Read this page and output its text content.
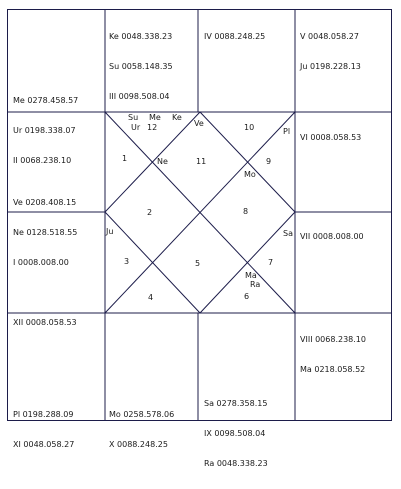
Me 0278.458.57

Ur 0198.338.07

II 0068.238.10

Ke 0048.338.23

Su 0058.148.35

III 0098.508.04

IV 0088.248.25

	V 0048.058.27

Ju 0198.228.13

Ve 0208.408.15

Ne 0128.518.55

I 0008.008.00

VI 0008.058.53

XII 0008.058.53

VII 0008.008.00

Pl 0198.288.09

XI 0048.058.27

Mo 0258.578.06

X 0088.248.25

Sa 0278.358.15

IX 0098.508.04

Ra 0048.338.23

VIII 0068.238.10

Ma 0218.058.52

Su Me Ke
Ur	Ve
Pl
Ne
Mo
Ju	Sa
Ma
Ra
1
2
3
4
5
6
7
8
9
10
11
12
